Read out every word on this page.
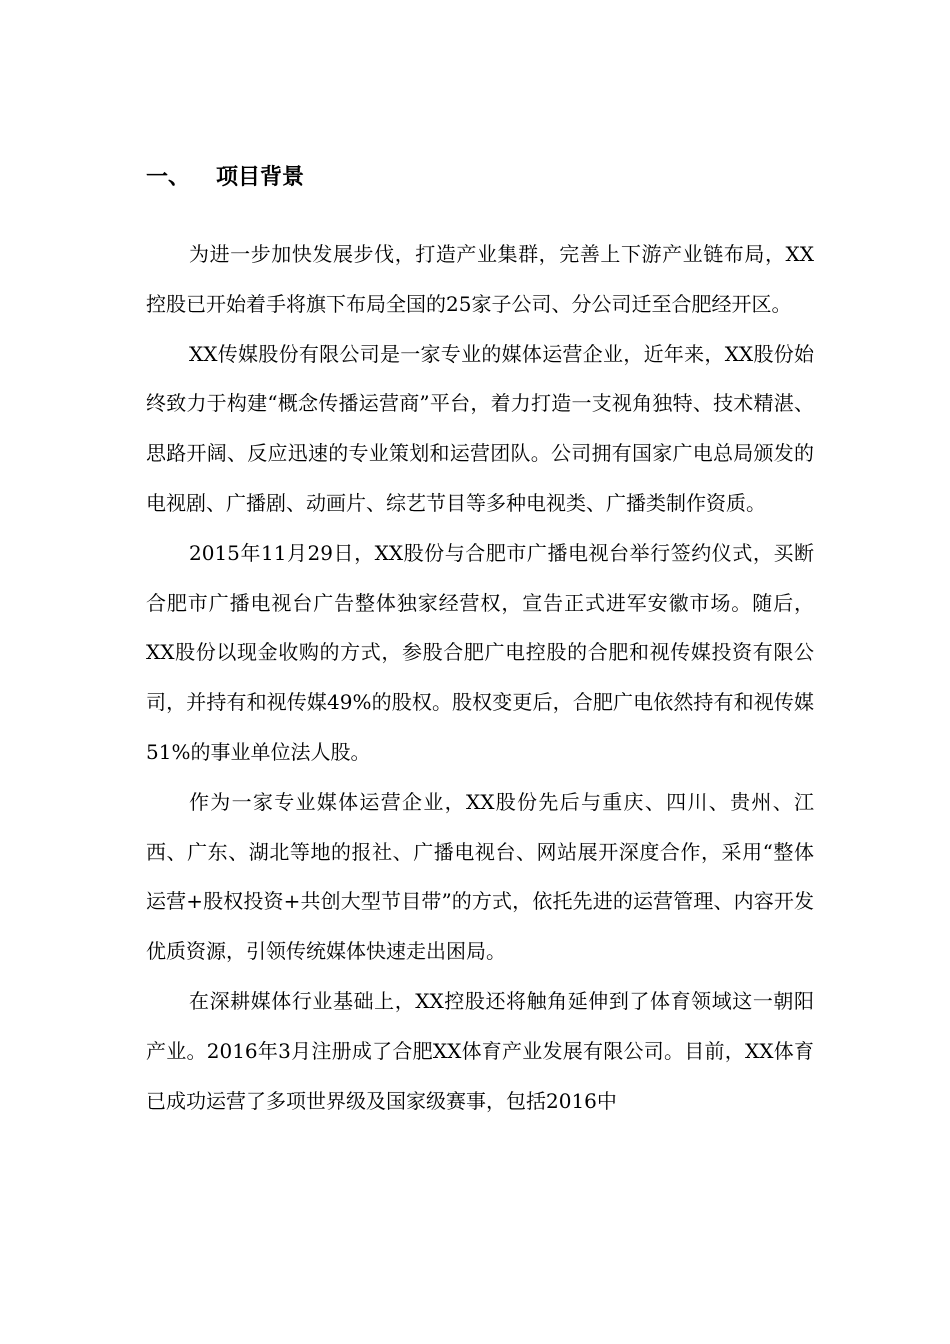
一、 项目背景

为进一步加快发展步伐，打造产业集群，完善上下游产业链布局，XX控股已开始着手将旗下布局全国的25家子公司、分公司迁至合肥经开区。

XX传媒股份有限公司是一家专业的媒体运营企业，近年来，XX股份始终致力于构建“概念传播运营商”平台，着力打造一支视角独特、技术精湛、思路开阔、反应迅速的专业策划和运营团队。公司拥有国家广电总局颁发的电视剧、广播剧、动画片、综艺节目等多种电视类、广播类制作资质。

2015年11月29日，XX股份与合肥市广播电视台举行签约仪式，买断合肥市广播电视台广告整体独家经营权，宣告正式进军安徽市场。随后，XX股份以现金收购的方式，参股合肥广电控股的合肥和视传媒投资有限公司，并持有和视传媒49%的股权。股权变更后，合肥广电依然持有和视传媒51%的事业单位法人股。

作为一家专业媒体运营企业，XX股份先后与重庆、四川、贵州、江西、广东、湖北等地的报社、广播电视台、网站展开深度合作，采用“整体运营+股权投资+共创大型节目带”的方式，依托先进的运营管理、内容开发优质资源，引领传统媒体快速走出困局。

在深耕媒体行业基础上，XX控股还将触角延伸到了体育领域这一朝阳产业。2016年3月注册成了合肥XX体育产业发展有限公司。目前，XX体育已成功运营了多项世界级及国家级赛事，包括2016中
